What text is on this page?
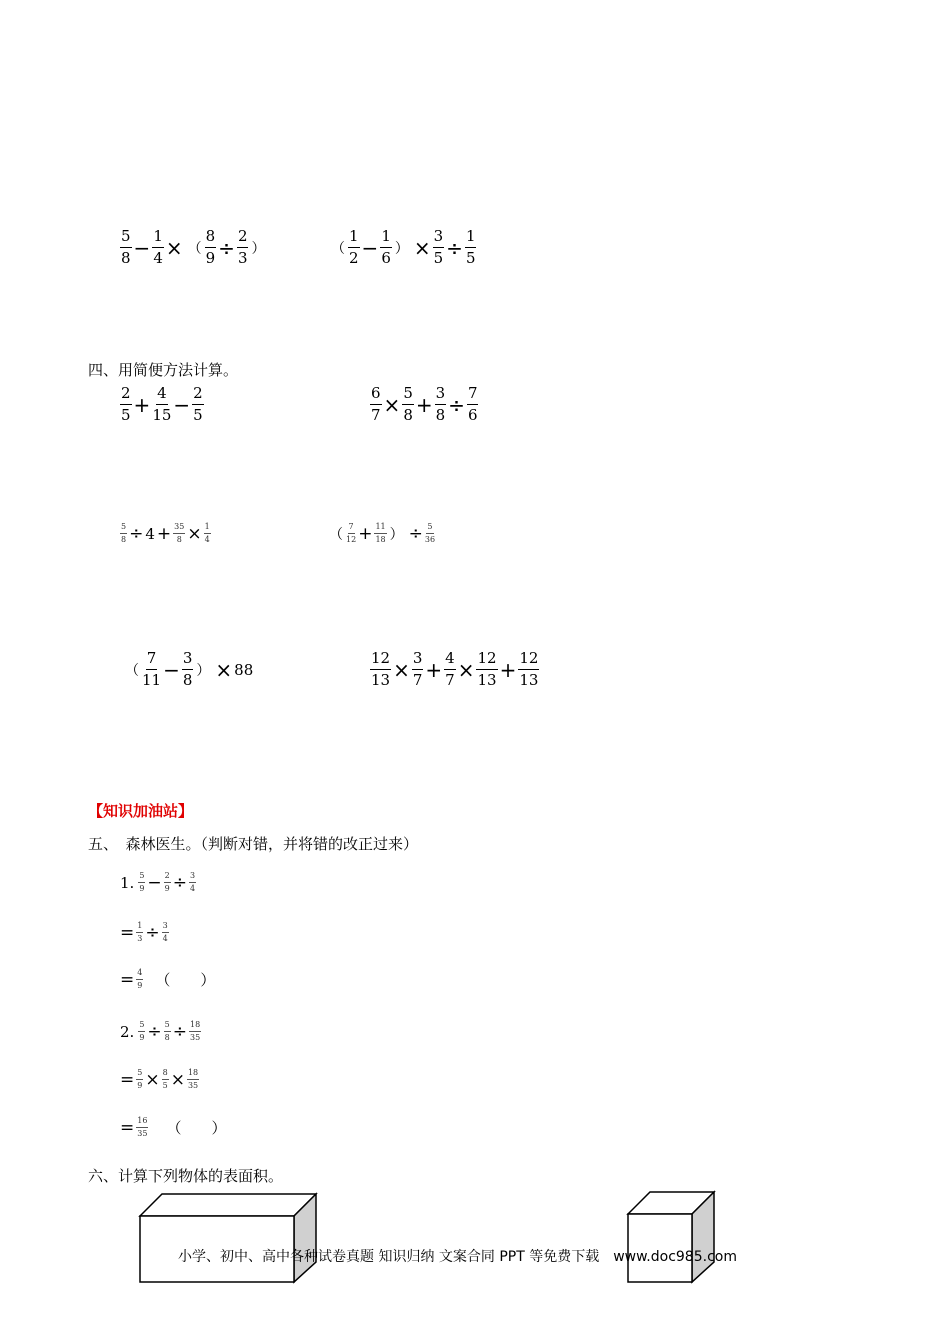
$\frac{5}{8} - \frac{1}{4}$ × （ $\frac{8}{9} \div \frac{2}{3}$ ）	（ $\frac{1}{2} - \frac{1}{6}$ ） × $\frac{3}{5} \div \frac{1}{5}$
四、用简便方法计算。
$\frac{2}{5} + \frac{4}{15} - \frac{2}{5}$	$\frac{6}{7} \times \frac{5}{8} + \frac{3}{8} \div \frac{7}{6}$
$\frac{5}{8} \div 4 + \frac{35}{8} \times \frac{1}{4}$	（ $\frac{7}{12} + \frac{11}{18}$ ） ÷ $\frac{5}{36}$
（ $\frac{7}{11} - \frac{3}{8}$ ） × 88	$\frac{12}{13} \times \frac{3}{7} + \frac{4}{7} \times \frac{12}{13} + \frac{12}{13}$
【知识加油站】
五、　森林医生。（判断对错，并将错的改正过来）
1. $\frac{5}{9} - \frac{2}{9} \div \frac{3}{4}$
= $\frac{1}{3} \div \frac{3}{4}$
= $\frac{4}{9}$ （　　）
2. $\frac{5}{9} \div \frac{5}{8} \div \frac{18}{35}$
= $\frac{5}{9} \times \frac{8}{5} \times \frac{18}{35}$
= $\frac{16}{35}$ （　　）
六、计算下列物体的表面积。
小学、初中、高中各种试卷真题 知识归纳 文案合同 PPT 等免费下载　www.doc985.com
